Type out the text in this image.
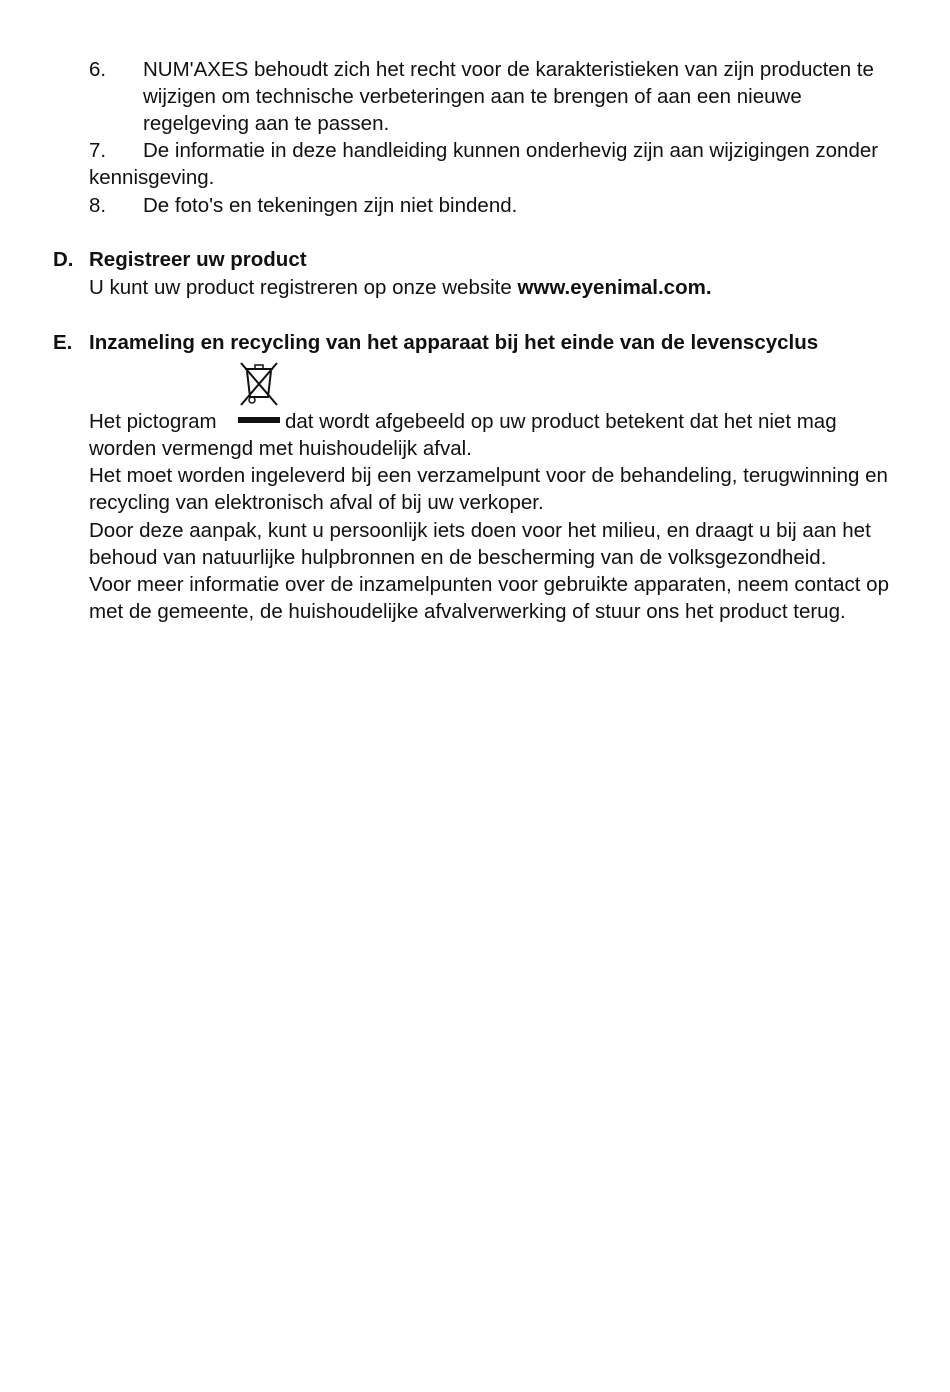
6. NUM'AXES behoudt zich het recht voor de karakteristieken van zijn producten te
wijzigen om technische verbeteringen aan te brengen of aan een nieuwe
regelgeving aan te passen.
7. De informatie in deze handleiding kunnen onderhevig zijn aan wijzigingen zonder
kennisgeving.
8. De foto's en tekeningen zijn niet bindend.
D. Registreer uw product
U kunt uw product registreren op onze website www.eyenimal.com.
E. Inzameling en recycling van het apparaat bij het einde van de levenscyclus
Het pictogram	dat wordt afgebeeld op uw product betekent dat het niet mag
worden vermengd met huishoudelijk afval.
Het moet worden ingeleverd bij een verzamelpunt voor de behandeling, terugwinning en
recycling van elektronisch afval of bij uw verkoper.
Door deze aanpak, kunt u persoonlijk iets doen voor het milieu, en draagt u bij aan het
behoud van natuurlijke hulpbronnen en de bescherming van de volksgezondheid.
Voor meer informatie over de inzamelpunten voor gebruikte apparaten, neem contact op
met de gemeente, de huishoudelijke afvalverwerking of stuur ons het product terug.
